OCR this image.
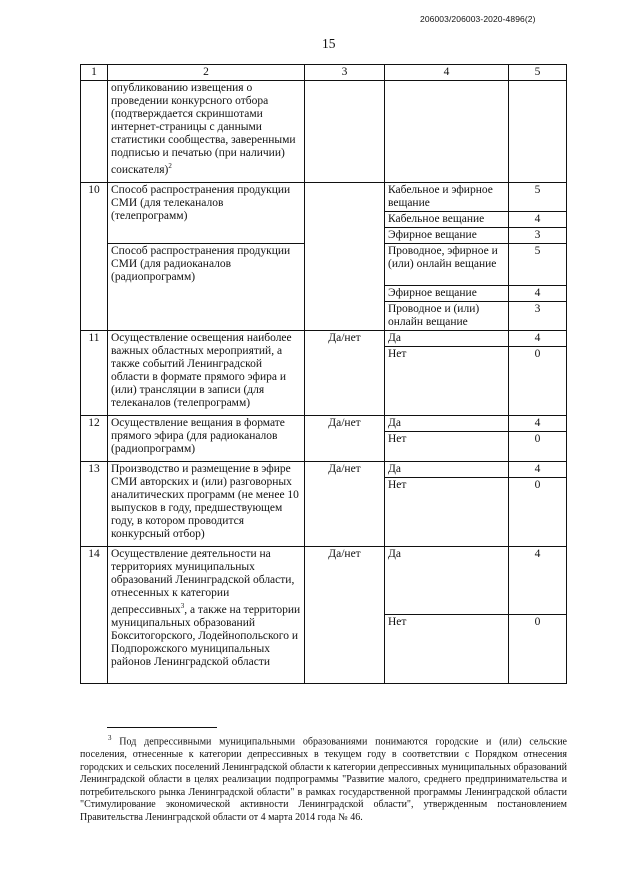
206003/206003-2020-4896(2)
15
1	2	3	4	5
	опубликованию извещения о проведении конкурсного отбора (подтверждается скриншотами интернет-страницы с данными статистики сообщества, заверенными подписью и печатью (при наличии) соискателя)$^2$			
10	Способ распространения продукции СМИ (для телеканалов (телепрограмм)		Кабельное и эфирное вещание	5
			Кабельное вещание	4
			Эфирное вещание	3
	Способ распространения продукции СМИ (для радиоканалов (радиопрограмм)		Проводное, эфирное и (или) онлайн вещание	5
			Эфирное вещание	4
			Проводное и (или) онлайн вещание	3
11	Осуществление освещения наиболее важных областных мероприятий, а также событий Ленинградской области в формате прямого эфира и (или) трансляции в записи (для телеканалов (телепрограмм)	Да/нет	Да	4
			Нет	0
12	Осуществление вещания в формате прямого эфира (для радиоканалов (радиопрограмм)	Да/нет	Да	4
			Нет	0
13	Производство и размещение в эфире СМИ авторских и (или) разговорных аналитических программ (не менее 10 выпусков в году, предшествующем году, в котором проводится конкурсный отбор)	Да/нет	Да	4
			Нет	0
14	Осуществление деятельности на территориях муниципальных образований Ленинградской области, отнесенных к категории депрессивных$^3$, а также на территории муниципальных образований Бокситогорского, Лодейнопольского и Подпорожского муниципальных районов Ленинградской области	Да/нет	Да	4
			Нет	0
$^3$ Под депрессивными муниципальными образованиями понимаются городские и (или) сельские поселения, отнесенные к категории депрессивных в текущем году в соответствии с Порядком отнесения городских и сельских поселений Ленинградской области к категории депрессивных муниципальных образований Ленинградской области в целях реализации подпрограммы "Развитие малого, среднего предпринимательства и потребительского рынка Ленинградской области" в рамках государственной программы Ленинградской области "Стимулирование экономической активности Ленинградской области", утвержденным постановлением Правительства Ленинградской области от 4 марта 2014 года № 46.
